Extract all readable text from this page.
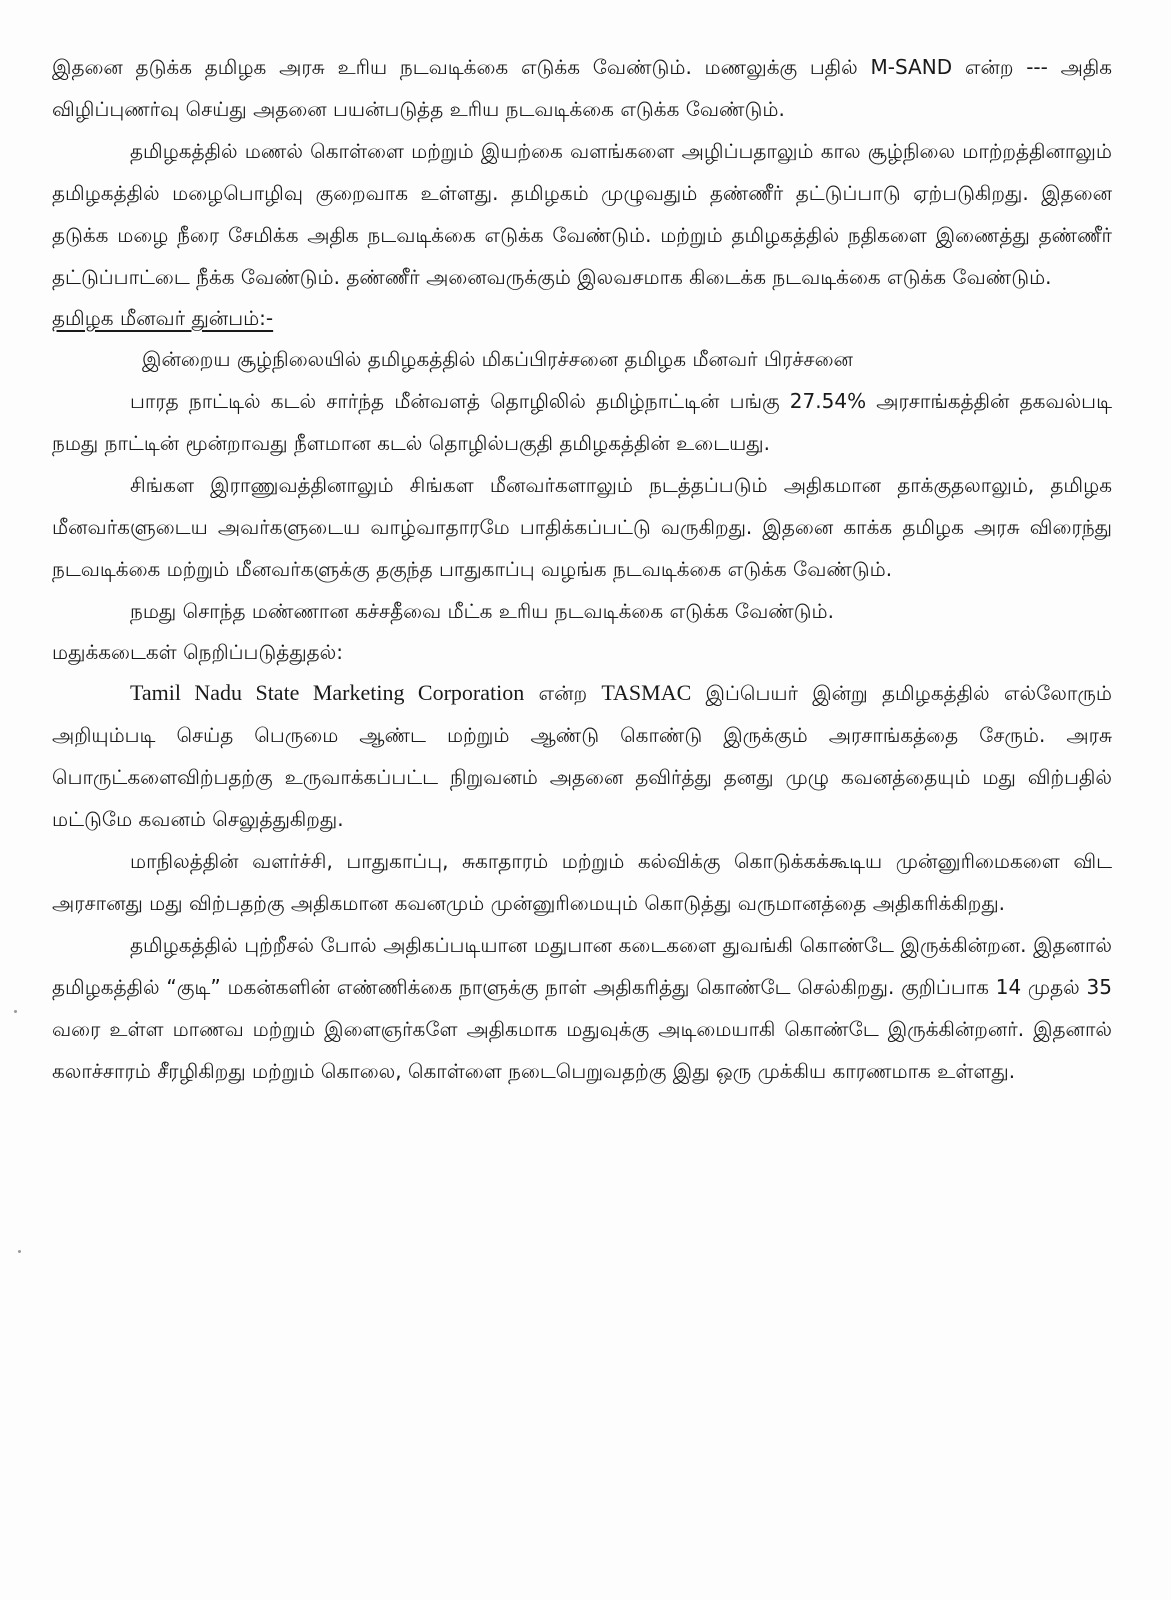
இதனை தடுக்க தமிழக அரசு உரிய நடவடிக்கை எடுக்க வேண்டும். மணலுக்கு பதில் M-SAND என்ற --- அதிக விழிப்புணர்வு செய்து அதனை பயன்படுத்த உரிய நடவடிக்கை எடுக்க வேண்டும்.

தமிழகத்தில் மணல் கொள்ளை மற்றும் இயற்கை வளங்களை அழிப்பதாலும் கால சூழ்நிலை மாற்றத்தினாலும் தமிழகத்தில் மழைபொழிவு குறைவாக உள்ளது. தமிழகம் முழுவதும் தண்ணீர் தட்டுப்பாடு ஏற்படுகிறது. இதனை தடுக்க மழை நீரை சேமிக்க அதிக நடவடிக்கை எடுக்க வேண்டும். மற்றும் தமிழகத்தில் நதிகளை இணைத்து தண்ணீர் தட்டுப்பாட்டை நீக்க வேண்டும். தண்ணீர் அனைவருக்கும் இலவசமாக கிடைக்க நடவடிக்கை எடுக்க வேண்டும்.

தமிழக மீனவர் துன்பம்:-

இன்றைய சூழ்நிலையில் தமிழகத்தில் மிகப்பிரச்சனை தமிழக மீனவர் பிரச்சனை

பாரத நாட்டில் கடல் சார்ந்த மீன்வளத் தொழிலில் தமிழ்நாட்டின் பங்கு 27.54% அரசாங்கத்தின் தகவல்படி நமது நாட்டின் மூன்றாவது நீளமான கடல் தொழில்பகுதி தமிழகத்தின் உடையது.

சிங்கள இராணுவத்தினாலும் சிங்கள மீனவர்களாலும் நடத்தப்படும் அதிகமான தாக்குதலாலும், தமிழக மீனவர்களுடைய அவர்களுடைய வாழ்வாதாரமே பாதிக்கப்பட்டு வருகிறது. இதனை காக்க தமிழக அரசு விரைந்து நடவடிக்கை மற்றும் மீனவர்களுக்கு தகுந்த பாதுகாப்பு வழங்க நடவடிக்கை எடுக்க வேண்டும்.

நமது சொந்த மண்ணான கச்சதீவை மீட்க உரிய நடவடிக்கை எடுக்க வேண்டும்.

மதுக்கடைகள் நெறிப்படுத்துதல்:

Tamil Nadu State Marketing Corporation என்ற TASMAC இப்பெயர் இன்று தமிழகத்தில் எல்லோரும் அறியும்படி செய்த பெருமை ஆண்ட மற்றும் ஆண்டு கொண்டு இருக்கும் அரசாங்கத்தை சேரும். அரசு பொருட்களைவிற்பதற்கு உருவாக்கப்பட்ட நிறுவனம் அதனை தவிர்த்து தனது முழு கவனத்தையும் மது விற்பதில் மட்டுமே கவனம் செலுத்துகிறது.

மாநிலத்தின் வளர்ச்சி, பாதுகாப்பு, சுகாதாரம் மற்றும் கல்விக்கு கொடுக்கக்கூடிய முன்னுரிமைகளை விட அரசானது மது விற்பதற்கு அதிகமான கவனமும் முன்னுரிமையும் கொடுத்து வருமானத்தை அதிகரிக்கிறது.

தமிழகத்தில் புற்றீசல் போல் அதிகப்படியான மதுபான கடைகளை துவங்கி கொண்டே இருக்கின்றன. இதனால் தமிழகத்தில் “குடி” மகன்களின் எண்ணிக்கை நாளுக்கு நாள் அதிகரித்து கொண்டே செல்கிறது. குறிப்பாக 14 முதல் 35 வரை உள்ள மாணவ மற்றும் இளைஞர்களே அதிகமாக மதுவுக்கு அடிமையாகி கொண்டே இருக்கின்றனர். இதனால் கலாச்சாரம் சீரழிகிறது மற்றும் கொலை, கொள்ளை நடைபெறுவதற்கு இது ஒரு முக்கிய காரணமாக உள்ளது.
